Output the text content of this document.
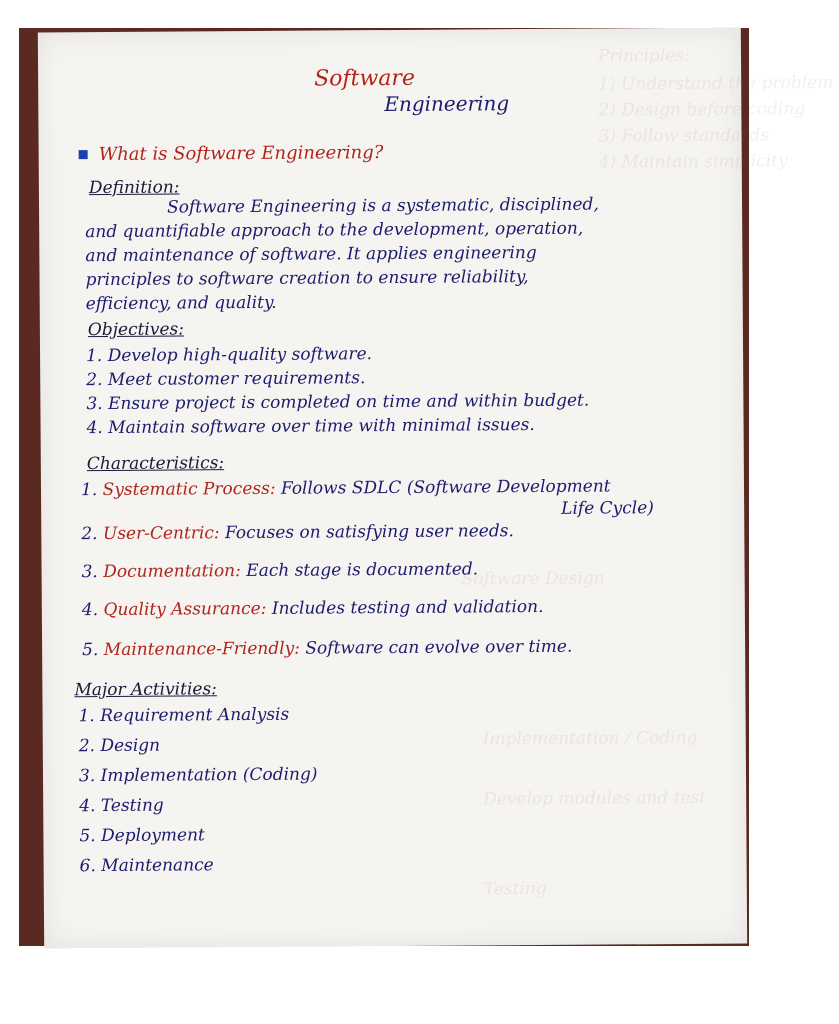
Principles:
1) Understand the problem
2) Design before coding
3) Follow standards
4) Maintain simplicity
Software Design
Implementation / Coding
Develop modules and test
Testing
Software
Engineering
What is Software Engineering?
Definition:
Software Engineering is a systematic, disciplined,
and quantifiable approach to the development, operation,
and maintenance of software. It applies engineering
principles to software creation to ensure reliability,
efficiency, and quality.
Objectives:
1. Develop high-quality software.
2. Meet customer requirements.
3. Ensure project is completed on time and within budget.
4. Maintain software over time with minimal issues.
Characteristics:
1. Systematic Process: Follows SDLC (Software Development
Life Cycle)
2. User-Centric: Focuses on satisfying user needs.
3. Documentation: Each stage is documented.
4. Quality Assurance: Includes testing and validation.
5. Maintenance-Friendly: Software can evolve over time.
Major Activities:
1. Requirement Analysis
2. Design
3. Implementation (Coding)
4. Testing
5. Deployment
6. Maintenance
